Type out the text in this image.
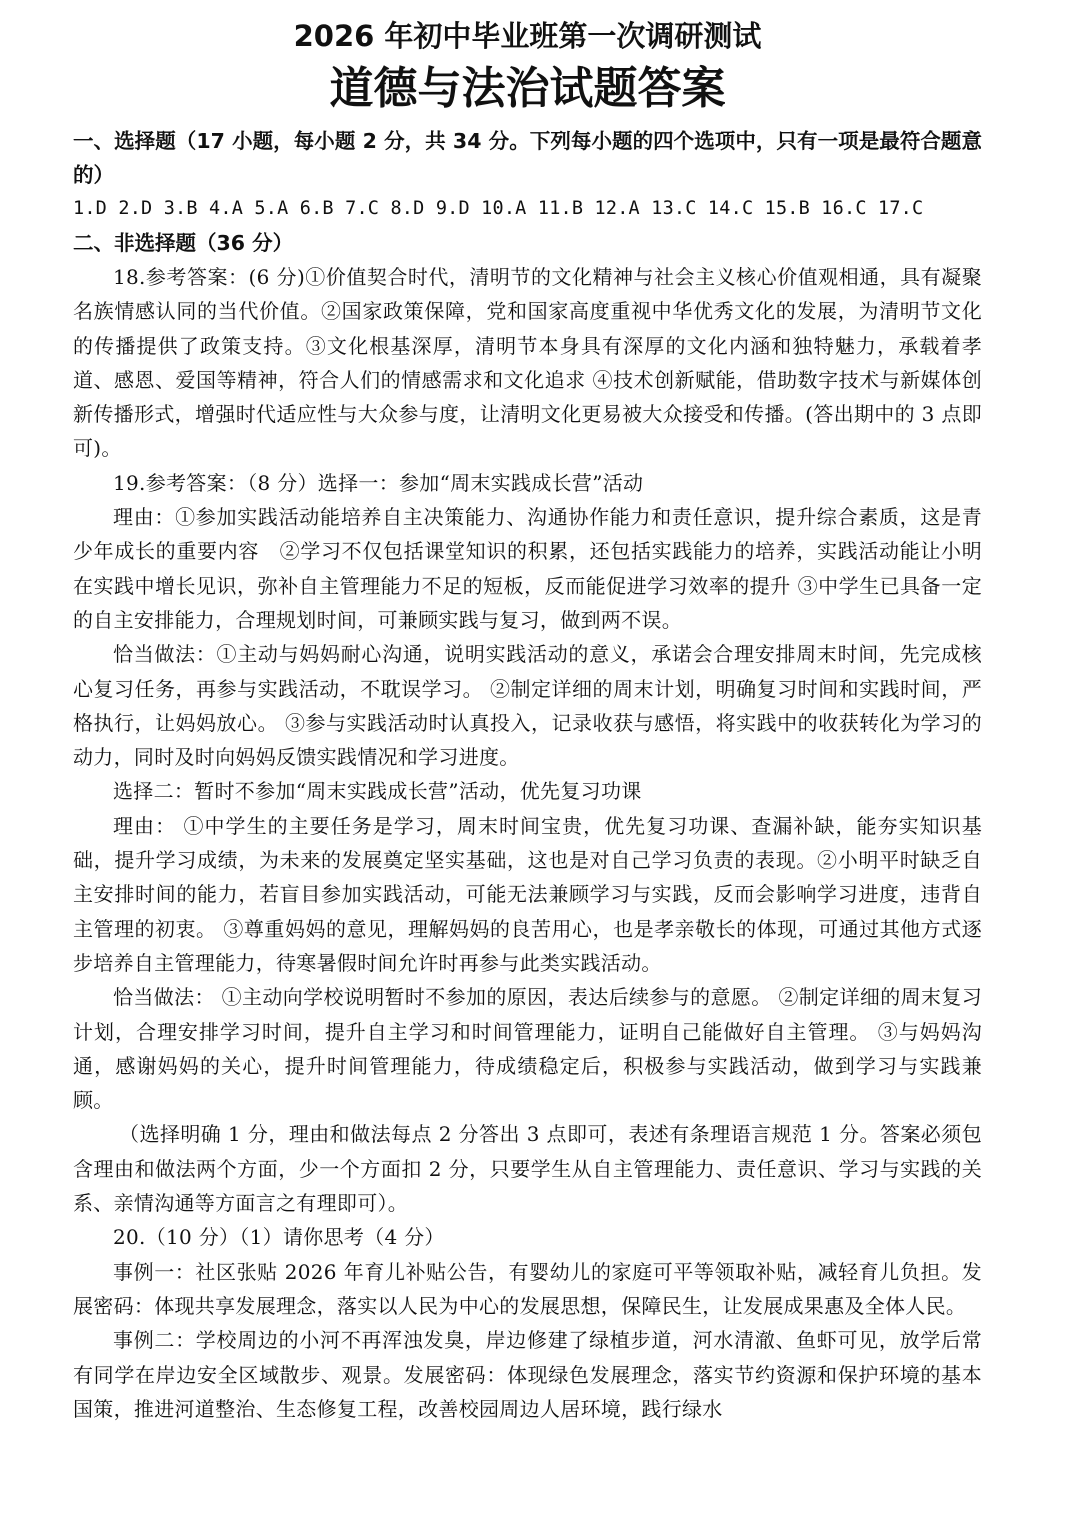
2026 年初中毕业班第一次调研测试
道德与法治试题答案

一、选择题（17 小题，每小题 2 分，共 34 分。下列每小题的四个选项中，只有一项是最符合题意的）

1.D 2.D 3.B 4.A 5.A 6.B 7.C 8.D 9.D 10.A 11.B 12.A 13.C 14.C 15.B 16.C 17.C

二、非选择题（36 分）

18.参考答案：(6 分)①价值契合时代，清明节的文化精神与社会主义核心价值观相通，具有凝聚名族情感认同的当代价值。②国家政策保障，党和国家高度重视中华优秀文化的发展，为清明节文化的传播提供了政策支持。③文化根基深厚，清明节本身具有深厚的文化内涵和独特魅力，承载着孝道、感恩、爱国等精神，符合人们的情感需求和文化追求 ④技术创新赋能，借助数字技术与新媒体创新传播形式，增强时代适应性与大众参与度，让清明文化更易被大众接受和传播。(答出期中的 3 点即可)。

19.参考答案：（8 分）选择一：参加“周末实践成长营”活动

理由：①参加实践活动能培养自主决策能力、沟通协作能力和责任意识，提升综合素质，这是青少年成长的重要内容　②学习不仅包括课堂知识的积累，还包括实践能力的培养，实践活动能让小明在实践中增长见识，弥补自主管理能力不足的短板，反而能促进学习效率的提升 ③中学生已具备一定的自主安排能力，合理规划时间，可兼顾实践与复习，做到两不误。

恰当做法：①主动与妈妈耐心沟通，说明实践活动的意义，承诺会合理安排周末时间，先完成核心复习任务，再参与实践活动，不耽误学习。 ②制定详细的周末计划，明确复习时间和实践时间，严格执行，让妈妈放心。 ③参与实践活动时认真投入，记录收获与感悟，将实践中的收获转化为学习的动力，同时及时向妈妈反馈实践情况和学习进度。

选择二：暂时不参加“周末实践成长营”活动，优先复习功课

理由： ①中学生的主要任务是学习，周末时间宝贵，优先复习功课、查漏补缺，能夯实知识基础，提升学习成绩，为未来的发展奠定坚实基础，这也是对自己学习负责的表现。②小明平时缺乏自主安排时间的能力，若盲目参加实践活动，可能无法兼顾学习与实践，反而会影响学习进度，违背自主管理的初衷。 ③尊重妈妈的意见，理解妈妈的良苦用心，也是孝亲敬长的体现，可通过其他方式逐步培养自主管理能力，待寒暑假时间允许时再参与此类实践活动。

恰当做法： ①主动向学校说明暂时不参加的原因，表达后续参与的意愿。 ②制定详细的周末复习计划，合理安排学习时间，提升自主学习和时间管理能力，证明自己能做好自主管理。 ③与妈妈沟通，感谢妈妈的关心，提升时间管理能力，待成绩稳定后，积极参与实践活动，做到学习与实践兼顾。

（选择明确 1 分，理由和做法每点 2 分答出 3 点即可，表述有条理语言规范 1 分。答案必须包含理由和做法两个方面，少一个方面扣 2 分，只要学生从自主管理能力、责任意识、学习与实践的关系、亲情沟通等方面言之有理即可）。

20.（10 分）（1）请你思考（4 分）

事例一：社区张贴 2026 年育儿补贴公告，有婴幼儿的家庭可平等领取补贴，减轻育儿负担。发展密码：体现共享发展理念，落实以人民为中心的发展思想，保障民生，让发展成果惠及全体人民。

事例二：学校周边的小河不再浑浊发臭，岸边修建了绿植步道，河水清澈、鱼虾可见，放学后常有同学在岸边安全区域散步、观景。发展密码：体现绿色发展理念，落实节约资源和保护环境的基本国策，推进河道整治、生态修复工程，改善校园周边人居环境，践行绿水
